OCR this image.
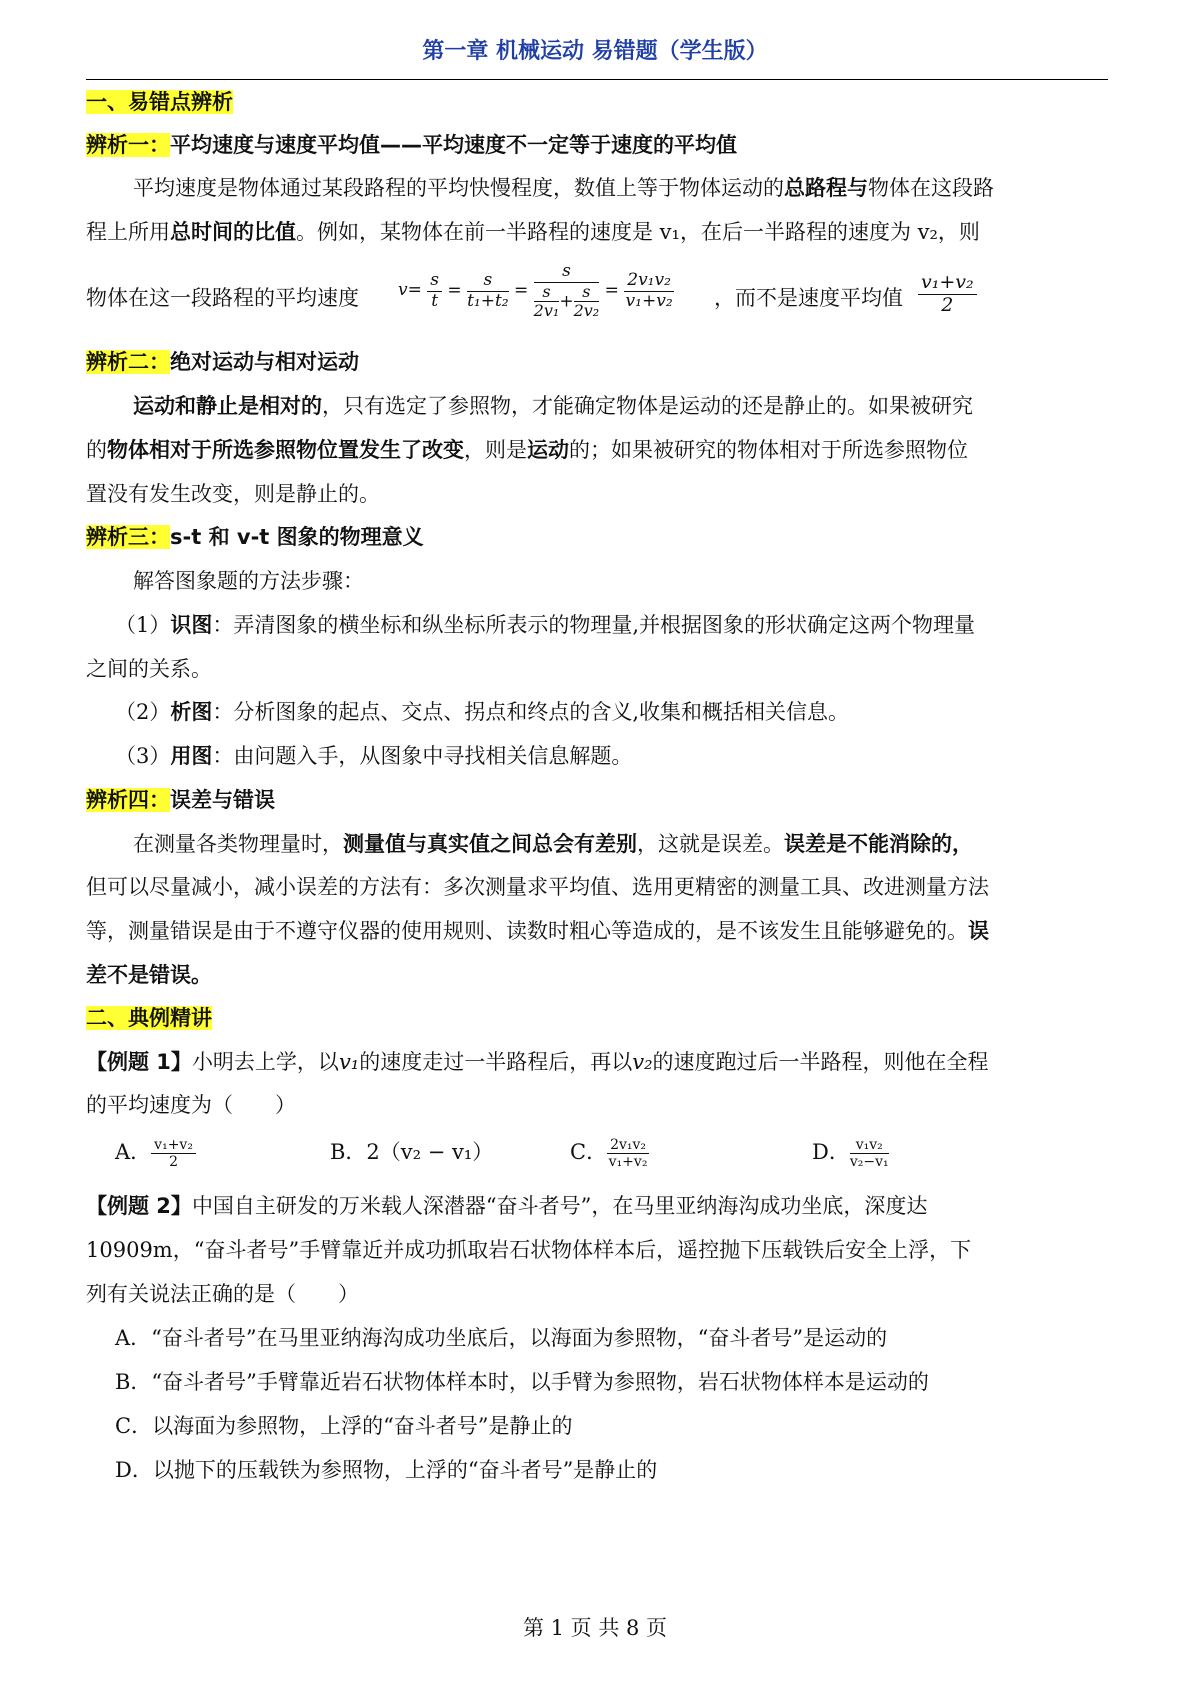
第一章 机械运动 易错题（学生版）
一、易错点辨析
辨析一：平均速度与速度平均值——平均速度不一定等于速度的平均值
平均速度是物体通过某段路程的平均快慢程度，数值上等于物体运动的总路程与物体在这段路
程上所用总时间的比值。例如，某物体在前一半路程的速度是 v₁，在后一半路程的速度为 v₂，则
物体在这一段路程的平均速度	v=
$\frac{s}{t} = \frac{s}{\text{t₁+t₂}} = \frac{s}{\frac{s}{\text{2v₁}} + \frac{s}{\text{2v₂}}} = \frac{\text{2v₁v₂}}{\text{v₁+v₂}}$ ，而不是速度平均值 $\frac{\text{v₁+v₂}}{2}$
辨析二：绝对运动与相对运动
运动和静止是相对的，只有选定了参照物，才能确定物体是运动的还是静止的。如果被研究
的物体相对于所选参照物位置发生了改变，则是运动的；如果被研究的物体相对于所选参照物位
置没有发生改变，则是静止的。
辨析三：s-t 和 v-t 图象的物理意义
解答图象题的方法步骤：
（1）识图：弄清图象的横坐标和纵坐标所表示的物理量,并根据图象的形状确定这两个物理量
之间的关系。
（2）析图：分析图象的起点、交点、拐点和终点的含义,收集和概括相关信息。
（3）用图：由问题入手，从图象中寻找相关信息解题。
辨析四：误差与错误
在测量各类物理量时，测量值与真实值之间总会有差别，这就是误差。误差是不能消除的，
但可以尽量减小，减小误差的方法有：多次测量求平均值、选用更精密的测量工具、改进测量方法
等，测量错误是由于不遵守仪器的使用规则、读数时粗心等造成的，是不该发生且能够避免的。误
差不是错误。
二、典例精讲
【例题 1】小明去上学，以v₁的速度走过一半路程后，再以v₂的速度跑过后一半路程，则他在全程
的平均速度为（　　）
A． $\frac{\text{v₁+v₂}}{2}$	B．2（v₂ − v₁）	C． $\frac{\text{2v₁v₂}}{\text{v₁+v₂}}$	D． $\frac{\text{v₁v₂}}{\text{v₂−v₁}}$
【例题 2】中国自主研发的万米载人深潜器“奋斗者号”，在马里亚纳海沟成功坐底，深度达
10909m，“奋斗者号”手臂靠近并成功抓取岩石状物体样本后，遥控抛下压载铁后安全上浮，下
列有关说法正确的是（　　）
A．“奋斗者号”在马里亚纳海沟成功坐底后，以海面为参照物，“奋斗者号”是运动的
B．“奋斗者号”手臂靠近岩石状物体样本时，以手臂为参照物，岩石状物体样本是运动的
C．以海面为参照物，上浮的“奋斗者号”是静止的
D．以抛下的压载铁为参照物，上浮的“奋斗者号”是静止的
第 1 页 共 8 页
